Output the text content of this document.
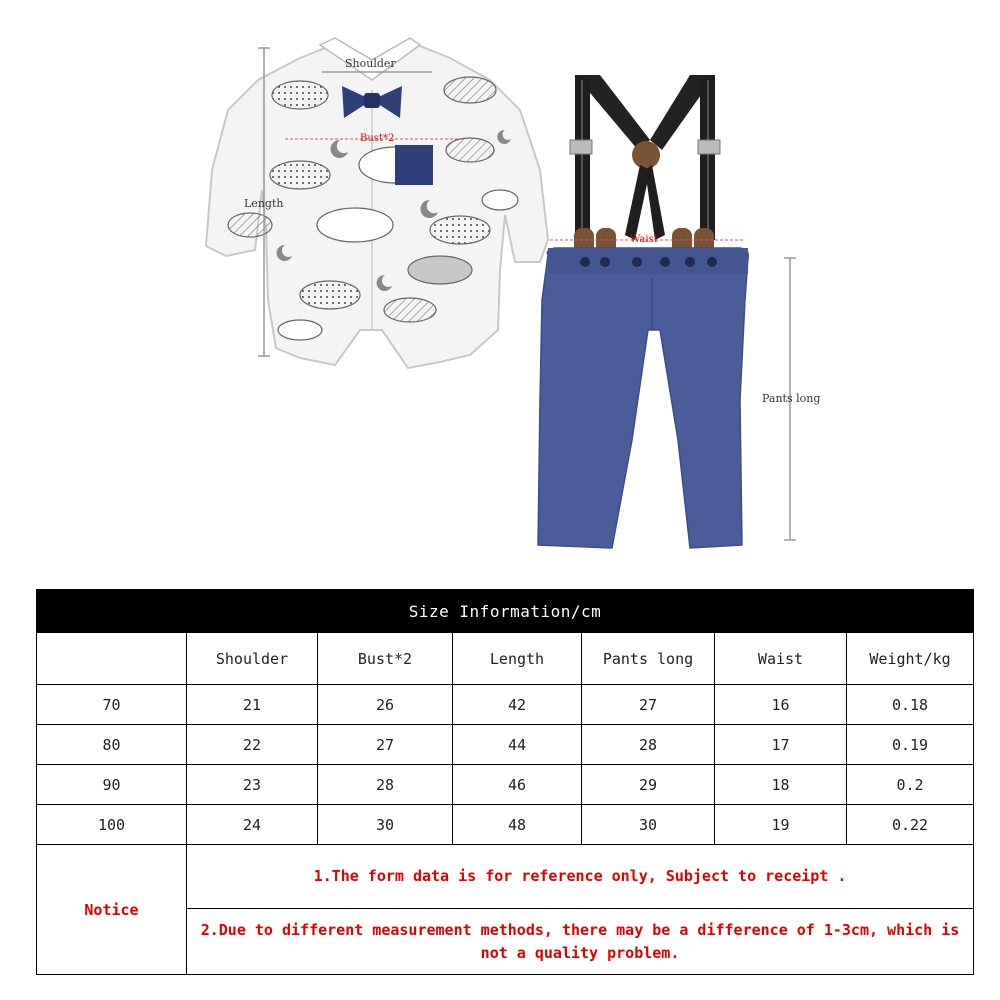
Shoulder
Bust*2
Length
Waist
Pants long
Size Information/cm						
	Shoulder	Bust*2	Length	Pants long	Waist	Weight/kg
70	21	26	42	27	16	0.18
80	22	27	44	28	17	0.19
90	23	28	46	29	18	0.2
100	24	30	48	30	19	0.22
Notice	1.The form data is for reference only, Subject to receipt .					
	2.Due to different measurement methods, there may be a difference of 1-3cm, which is not a quality problem.					
